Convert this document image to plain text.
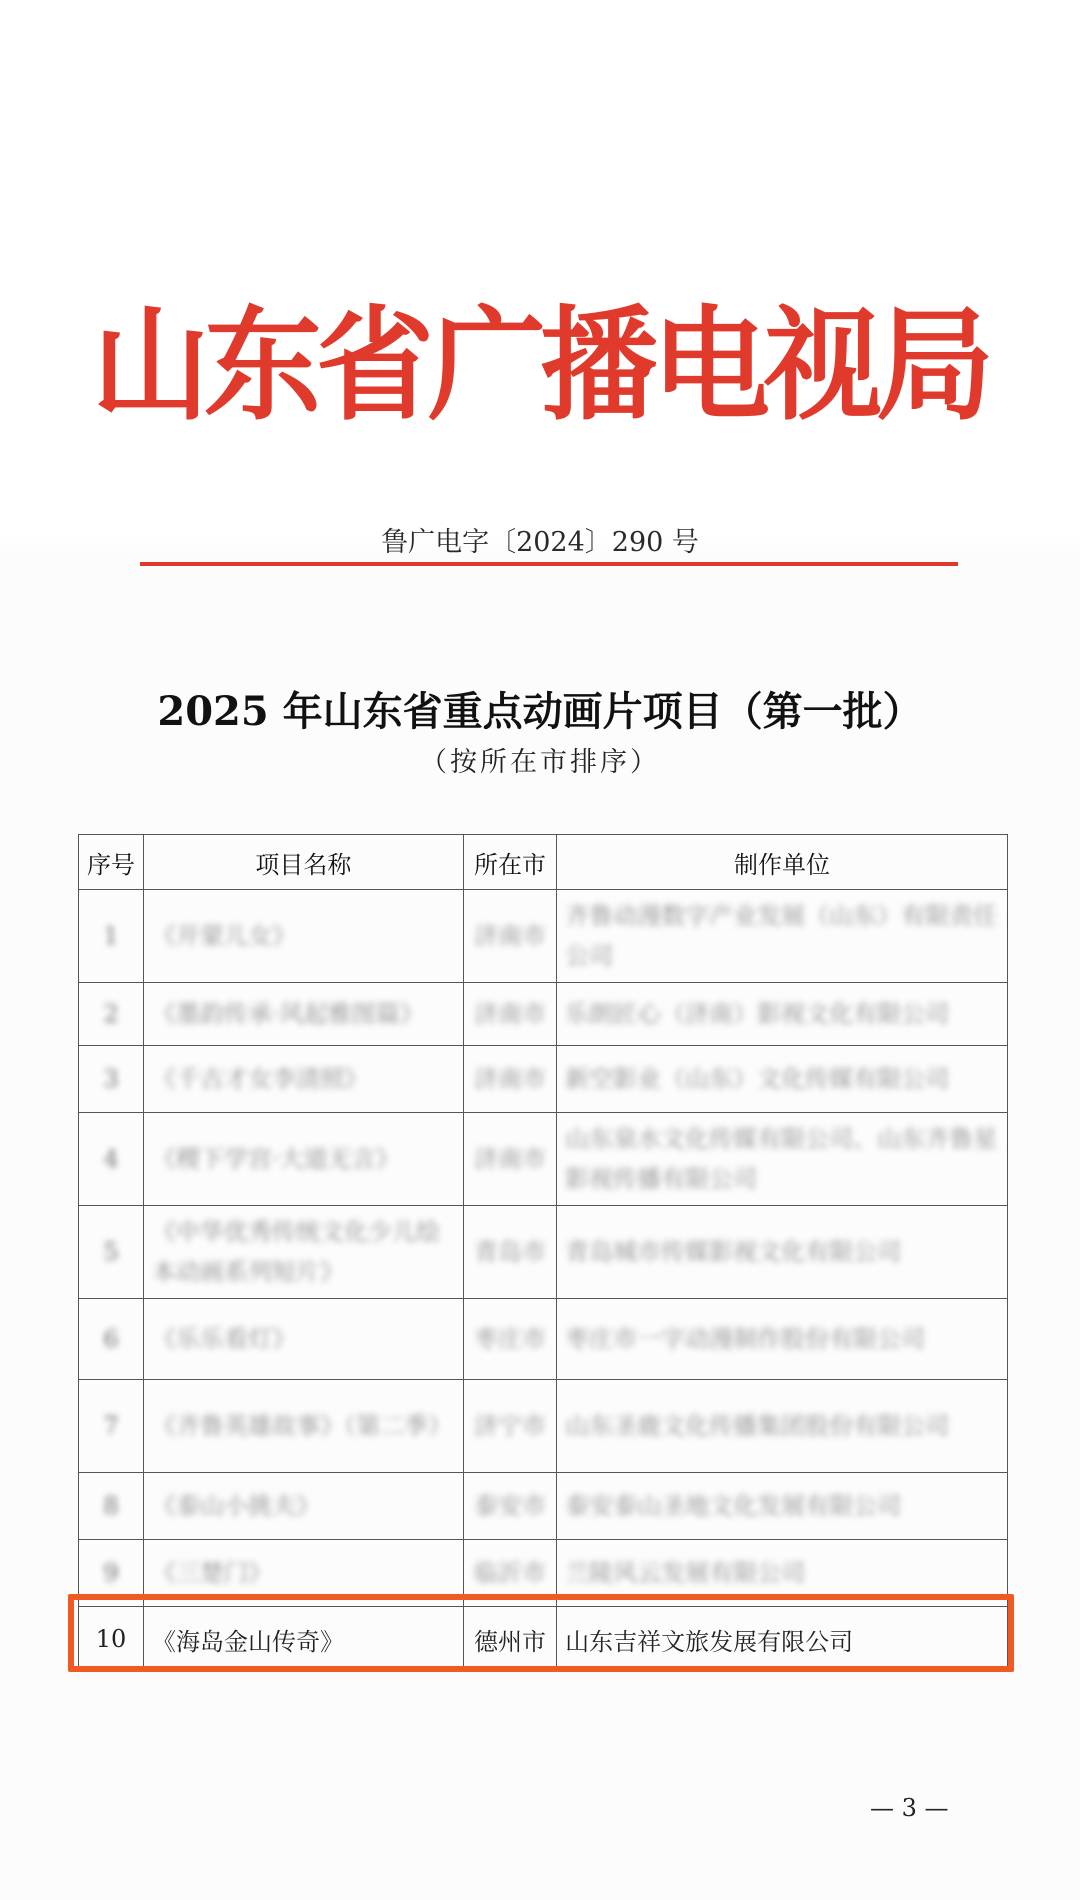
山东省广播电视局
鲁广电字〔2024〕290 号
2025 年山东省重点动画片项目（第一批）
（按所在市排序）
序号	项目名称	所在市	制作单位
1	《开蒙儿女》	济南市	齐鲁动漫数字产业发展（山东）有限责任公司
2	《墨韵传承·风起雅图篇》	济南市	乐朗匠心（济南）影视文化有限公司
3	《千古才女李清照》	济南市	新空影业（山东）文化传媒有限公司
4	《稷下学宫·大道无言》	济南市	山东泉水文化传媒有限公司、山东齐鲁星影视传播有限公司
5	《中华优秀传统文化少儿绘本动画系列短片》	青岛市	青岛城市传媒影视文化有限公司
6	《乐乐看灯》	枣庄市	枣庄市一字动漫制作股份有限公司
7	《齐鲁英雄故事》（第二季）	济宁市	山东圣鹿文化传播集团股份有限公司
8	《泰山小挑夫》	泰安市	泰安泰山圣地文化发展有限公司
9	《三楚门》	临沂市	兰陵风云发展有限公司
10	《海岛金山传奇》	德州市	山东吉祥文旅发展有限公司
— 3 —
